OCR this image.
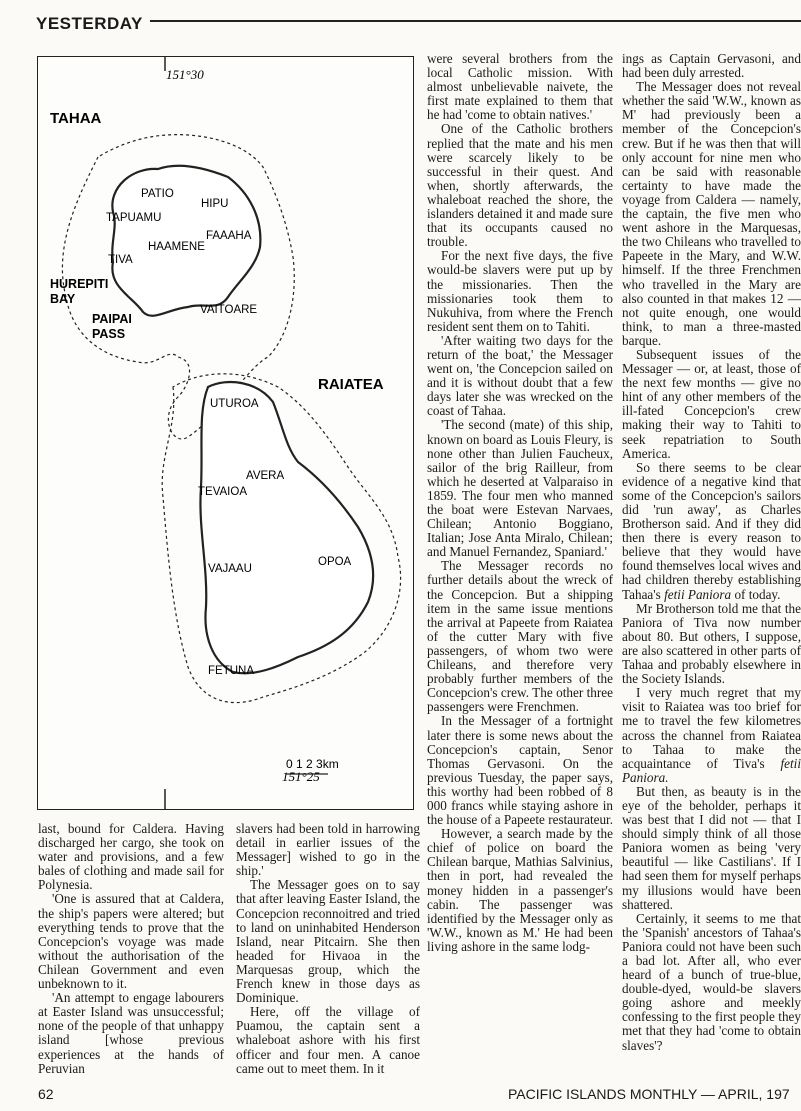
YESTERDAY
151°30
151°25
TAHAA
RAIATEA
PATIO
HIPU
TAPUAMU
FAAAHA
HAAMENE
TIVA
VAITOARE
UTUROA
AVERA
TEVAIOA
OPOA
VAJAAU
FETUNA
HUREPITI
BAY
PAIPAI
PASS
0 1 2 3km

last, bound for Caldera. Having discharged her cargo, she took on water and provisions, and a few bales of clothing and made sail for Polynesia.

'One is assured that at Caldera, the ship's papers were altered; but everything tends to prove that the Concepcion's voyage was made without the authorisation of the Chilean Government and even unbeknown to it.

'An attempt to engage labourers at Easter Island was unsuccessful; none of the people of that unhappy island [whose previous experiences at the hands of Peruvian

slavers had been told in harrowing detail in earlier issues of the Messager] wished to go in the ship.'

The Messager goes on to say that after leaving Easter Island, the Concepcion reconnoitred and tried to land on uninhabited Henderson Island, near Pitcairn. She then headed for Hivaoa in the Marquesas group, which the French knew in those days as Dominique.

Here, off the village of Puamou, the captain sent a whaleboat ashore with his first officer and four men. A canoe came out to meet them. In it

were several brothers from the local Catholic mission. With almost unbelievable naivete, the first mate explained to them that he had 'come to obtain natives.'

One of the Catholic brothers replied that the mate and his men were scarcely likely to be successful in their quest. And when, shortly afterwards, the whaleboat reached the shore, the islanders detained it and made sure that its occupants caused no trouble.

For the next five days, the five would-be slavers were put up by the missionaries. Then the missionaries took them to Nukuhiva, from where the French resident sent them on to Tahiti.

'After waiting two days for the return of the boat,' the Messager went on, 'the Concepcion sailed on and it is without doubt that a few days later she was wrecked on the coast of Tahaa.

'The second (mate) of this ship, known on board as Louis Fleury, is none other than Julien Faucheux, sailor of the brig Railleur, from which he deserted at Valparaiso in 1859. The four men who manned the boat were Estevan Narvaes, Chilean; Antonio Boggiano, Italian; Jose Anta Miralo, Chilean; and Manuel Fernandez, Spaniard.'

The Messager records no further details about the wreck of the Concepcion. But a shipping item in the same issue mentions the arrival at Papeete from Raiatea of the cutter Mary with five passengers, of whom two were Chileans, and therefore very probably further members of the Concepcion's crew. The other three passengers were Frenchmen.

In the Messager of a fortnight later there is some news about the Concepcion's captain, Senor Thomas Gervasoni. On the previous Tuesday, the paper says, this worthy had been robbed of 8 000 francs while staying ashore in the house of a Papeete restaurateur.

However, a search made by the chief of police on board the Chilean barque, Mathias Salvinius, then in port, had revealed the money hidden in a passenger's cabin. The passenger was identified by the Messager only as 'W.W., known as M.' He had been living ashore in the same lodg-

ings as Captain Gervasoni, and had been duly arrested.

The Messager does not reveal whether the said 'W.W., known as M' had previously been a member of the Concepcion's crew. But if he was then that will only account for nine men who can be said with reasonable certainty to have made the voyage from Caldera — namely, the captain, the five men who went ashore in the Marquesas, the two Chileans who travelled to Papeete in the Mary, and W.W. himself. If the three Frenchmen who travelled in the Mary are also counted in that makes 12 — not quite enough, one would think, to man a three-masted barque.

Subsequent issues of the Messager — or, at least, those of the next few months — give no hint of any other members of the ill-fated Concepcion's crew making their way to Tahiti to seek repatriation to South America.

So there seems to be clear evidence of a negative kind that some of the Concepcion's sailors did 'run away', as Charles Brotherson said. And if they did then there is every reason to believe that they would have found themselves local wives and had children thereby establishing Tahaa's fetii Paniora of today.

Mr Brotherson told me that the Paniora of Tiva now number about 80. But others, I suppose, are also scattered in other parts of Tahaa and probably elsewhere in the Society Islands.

I very much regret that my visit to Raiatea was too brief for me to travel the few kilometres across the channel from Raiatea to Tahaa to make the acquaintance of Tiva's fetii Paniora.

But then, as beauty is in the eye of the beholder, perhaps it was best that I did not — that I should simply think of all those Paniora women as being 'very beautiful — like Castilians'. If I had seen them for myself perhaps my illusions would have been shattered.

Certainly, it seems to me that the 'Spanish' ancestors of Tahaa's Paniora could not have been such a bad lot. After all, who ever heard of a bunch of true-blue, double-dyed, would-be slavers going ashore and meekly confessing to the first people they met that they had 'come to obtain slaves'?

62	PACIFIC ISLANDS MONTHLY — APRIL, 197
